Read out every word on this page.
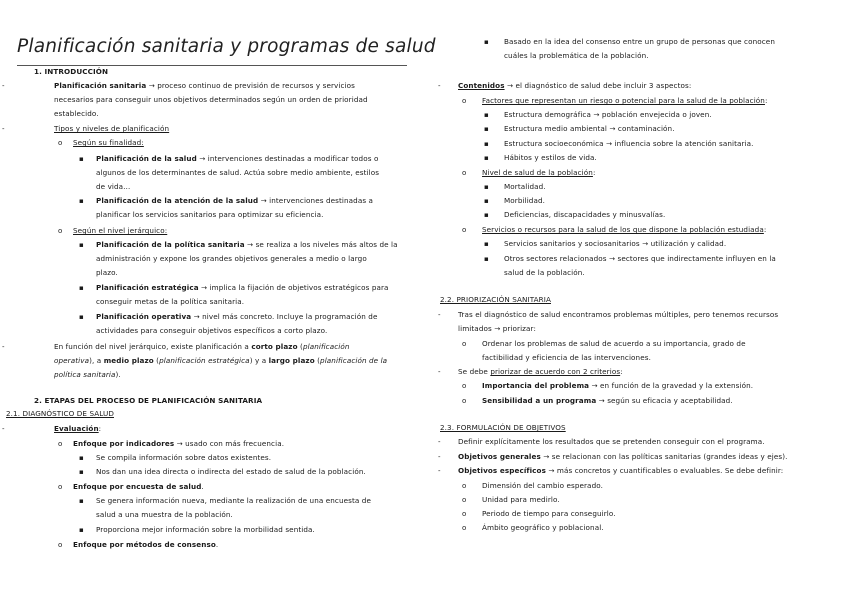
Planificación sanitaria y programas de salud
1. INTRODUCCIÓN
-	Planificación sanitaria → proceso continuo de previsión de recursos y servicios
necesarios para conseguir unos objetivos determinados según un orden de prioridad
establecido.
-	Tipos y niveles de planificación
o Según su finalidad:
▪ Planificación de la salud → intervenciones destinadas a modificar todos o
algunos de los determinantes de salud. Actúa sobre medio ambiente, estilos
de vida…
▪ Planificación de la atención de la salud → intervenciones destinadas a
planificar los servicios sanitarios para optimizar su eficiencia.
o Según el nivel jerárquico:
▪ Planificación de la política sanitaria → se realiza a los niveles más altos de la
administración y expone los grandes objetivos generales a medio o largo
plazo.
▪ Planificación estratégica → implica la fijación de objetivos estratégicos para
conseguir metas de la política sanitaria.
▪ Planificación operativa → nivel más concreto. Incluye la programación de
actividades para conseguir objetivos específicos a corto plazo.
-	En función del nivel jerárquico, existe planificación a corto plazo (planificación
operativa), a medio plazo (planificación estratégica) y a largo plazo (planificación de la
política sanitaria).
2. ETAPAS DEL PROCESO DE PLANIFICACIÓN SANITARIA
2.1. DIAGNÓSTICO DE SALUD
-	Evaluación:
o Enfoque por indicadores → usado con más frecuencia.
▪ Se compila información sobre datos existentes.
▪ Nos dan una idea directa o indirecta del estado de salud de la población.
o Enfoque por encuesta de salud.
▪ Se genera información nueva, mediante la realización de una encuesta de
salud a una muestra de la población.
▪ Proporciona mejor información sobre la morbilidad sentida.
o Enfoque por métodos de consenso.
▪ Basado en la idea del consenso entre un grupo de personas que conocen
cuáles la problemática de la población.
- Contenidos → el diagnóstico de salud debe incluir 3 aspectos:
o Factores que representan un riesgo o potencial para la salud de la población:
▪ Estructura demográfica → población envejecida o joven.
▪ Estructura medio ambiental → contaminación.
▪ Estructura socioeconómica → influencia sobre la atención sanitaria.
▪ Hábitos y estilos de vida.
o Nivel de salud de la población:
▪ Mortalidad.
▪ Morbilidad.
▪ Deficiencias, discapacidades y minusvalías.
o Servicios o recursos para la salud de los que dispone la población estudiada:
▪ Servicios sanitarios y sociosanitarios → utilización y calidad.
▪ Otros sectores relacionados → sectores que indirectamente influyen en la
salud de la población.
2.2. PRIORIZACIÓN SANITARIA
- Tras el diagnóstico de salud encontramos problemas múltiples, pero tenemos recursos
limitados → priorizar:
o Ordenar los problemas de salud de acuerdo a su importancia, grado de
factibilidad y eficiencia de las intervenciones.
- Se debe priorizar de acuerdo con 2 criterios:
o Importancia del problema → en función de la gravedad y la extensión.
o Sensibilidad a un programa → según su eficacia y aceptabilidad.
2.3. FORMULACIÓN DE OBJETIVOS
- Definir explícitamente los resultados que se pretenden conseguir con el programa.
- Objetivos generales → se relacionan con las políticas sanitarias (grandes ideas y ejes).
- Objetivos específicos → más concretos y cuantificables o evaluables. Se debe definir:
o Dimensión del cambio esperado.
o Unidad para medirlo.
o Periodo de tiempo para conseguirlo.
o Ámbito geográfico y poblacional.
